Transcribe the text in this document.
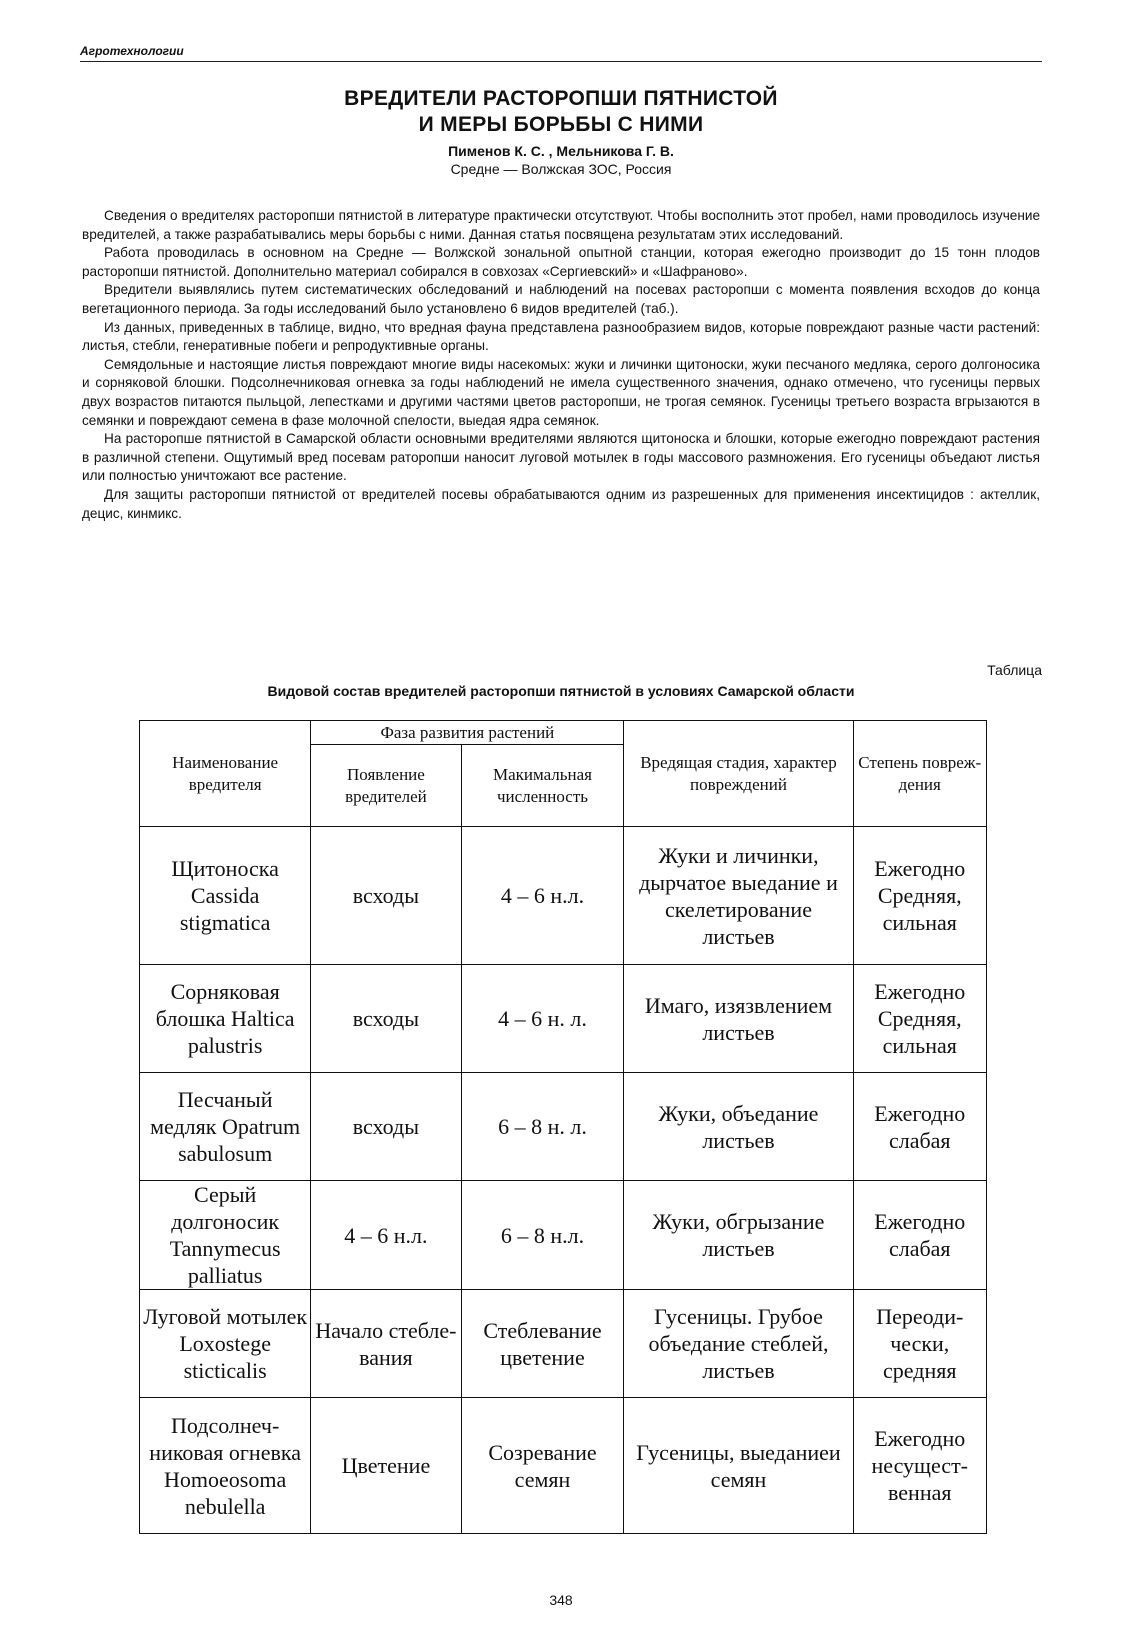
Агротехнологии
ВРЕДИТЕЛИ РАСТОРОПШИ ПЯТНИСТОЙ
И МЕРЫ БОРЬБЫ С НИМИ
Пименов К. С. , Мельникова Г. В.
Средне — Волжская ЗОС, Россия

Сведения о вредителях расторопши пятнистой в литературе практически отсутствуют. Чтобы восполнить этот пробел, нами проводилось изучение вредителей, а также разрабатывались меры борьбы с ними. Данная статья посвящена результатам этих исследований.

Работа проводилась в основном на Средне — Волжской зональной опытной станции, которая ежегодно производит до 15 тонн плодов расторопши пятнистой. Дополнительно материал собирался в совхозах «Сергиевский» и «Шафраново».

Вредители выявлялись путем систематических обследований и наблюдений на посевах расторопши с момента появления всходов до конца вегетационного периода. За годы исследований было установлено 6 видов вредителей (таб.).

Из данных, приведенных в таблице, видно, что вредная фауна представлена разнообразием видов, которые повреждают разные части растений: листья, стебли, генеративные побеги и репродуктивные органы.

Семядольные и настоящие листья повреждают многие виды насекомых: жуки и личинки щитоноски, жуки песчаного медляка, серого долгоносика и сорняковой блошки. Подсолнечниковая огневка за годы наблюдений не имела существенного значения, однако отмечено, что гусеницы первых двух возрастов питаются пыльцой, лепестками и другими частями цветов расторопши, не трогая семянок. Гусеницы третьего возраста вгрызаются в семянки и повреждают семена в фазе молочной спелости, выедая ядра семянок.

На расторопше пятнистой в Самарской области основными вредителями являются щитоноска и блошки, которые ежегодно повреждают растения в различной степени. Ощутимый вред посевам раторопши наносит луговой мотылек в годы массового размножения. Его гусеницы объедают листья или полностью уничтожают все растение.

Для защиты расторопши пятнистой от вредителей посевы обрабатываются одним из разрешенных для применения инсектицидов : актеллик, децис, кинмикс.

Таблица
Видовой состав вредителей расторопши пятнистой в условиях Самарской области
Наименование вредителя	Фаза развития растений		Вредящая стадия, характер повреждений	Степень повреж-дения
	Появление вредителей	Макимальная численность		
Щитоноска Cassida stigmatica	всходы	4 – 6 н.л.	Жуки и личинки, дырчатое выедание и скелетирование листьев	Ежегодно Средняя, сильная
Сорняковая блошка Haltica palustris	всходы	4 – 6 н. л.	Имаго, изязвлением листьев	Ежегодно Средняя, сильная
Песчаный медляк Opatrum sabulosum	всходы	6 – 8 н. л.	Жуки, объедание листьев	Ежегодно слабая
Серый долгоносик Tannymecus palliatus	4 – 6 н.л.	6 – 8 н.л.	Жуки, обгрызание листьев	Ежегодно слабая
Луговой мотылек Loxostege sticticalis	Начало стебле-вания	Стеблевание цветение	Гусеницы. Грубое объедание стеблей, листьев	Переоди-чески, средняя
Подсолнеч-никовая огневка Homoeosoma nebulella	Цветение	Созревание семян	Гусеницы, выеданиеи семян	Ежегодно несущест-венная
348
